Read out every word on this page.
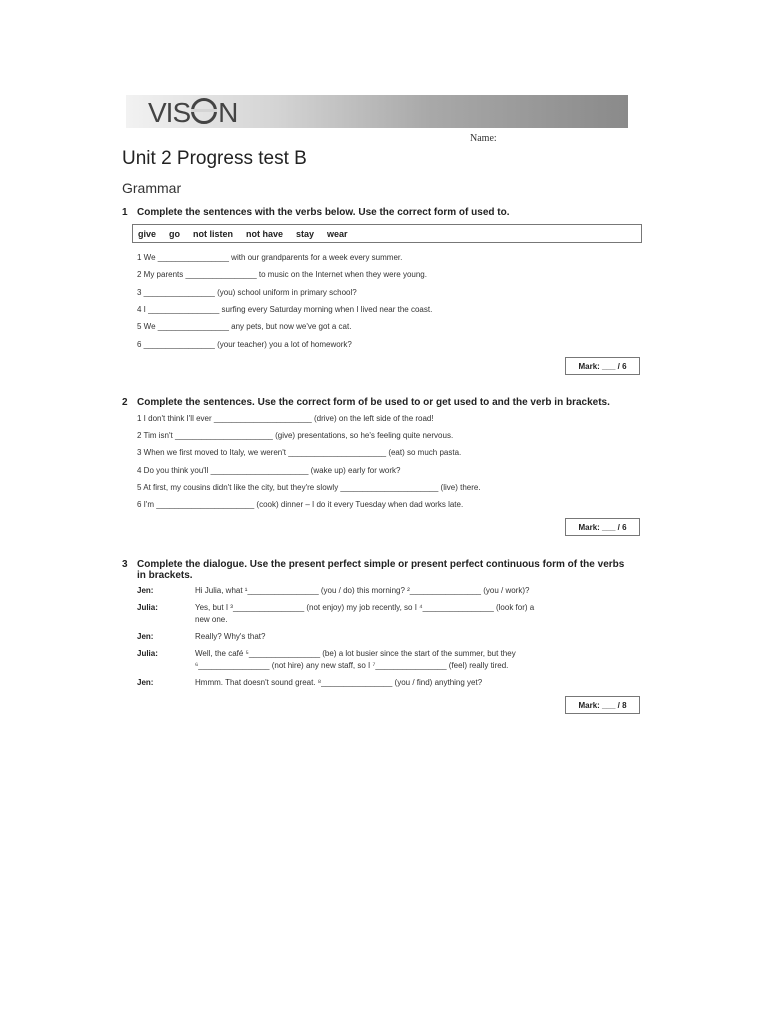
VIS N
Name:
Unit 2 Progress test B
Grammar
1 Complete the sentences with the verbs below. Use the correct form of used to.
give go not listen not have stay wear
1 We ________________ with our grandparents for a week every summer.
2 My parents ________________ to music on the Internet when they were young.
3 ________________ (you) school uniform in primary school?
4 I ________________ surfing every Saturday morning when I lived near the coast.
5 We ________________ any pets, but now we've got a cat.
6 ________________ (your teacher) you a lot of homework?
Mark: ___ / 6
2 Complete the sentences. Use the correct form of be used to or get used to and the verb in brackets.
1 I don't think I'll ever ______________________ (drive) on the left side of the road!
2 Tim isn't ______________________ (give) presentations, so he's feeling quite nervous.
3 When we first moved to Italy, we weren't ______________________ (eat) so much pasta.
4 Do you think you'll ______________________ (wake up) early for work?
5 At first, my cousins didn't like the city, but they're slowly ______________________ (live) there.
6 I'm ______________________ (cook) dinner – I do it every Tuesday when dad works late.
Mark: ___ / 6
3 Complete the dialogue. Use the present perfect simple or present perfect continuous form of the verbs
in brackets.
Jen:	Hi Julia, what ¹________________ (you / do) this morning? ²________________ (you / work)?
Julia:	Yes, but I ³________________ (not enjoy) my job recently, so I ⁴________________ (look for) a
new one.
Jen:	Really? Why's that?
Julia:	Well, the café ⁵________________ (be) a lot busier since the start of the summer, but they
⁶________________ (not hire) any new staff, so I ⁷________________ (feel) really tired.
Jen:	Hmmm. That doesn't sound great. ⁸________________ (you / find) anything yet?
Mark: ___ / 8
